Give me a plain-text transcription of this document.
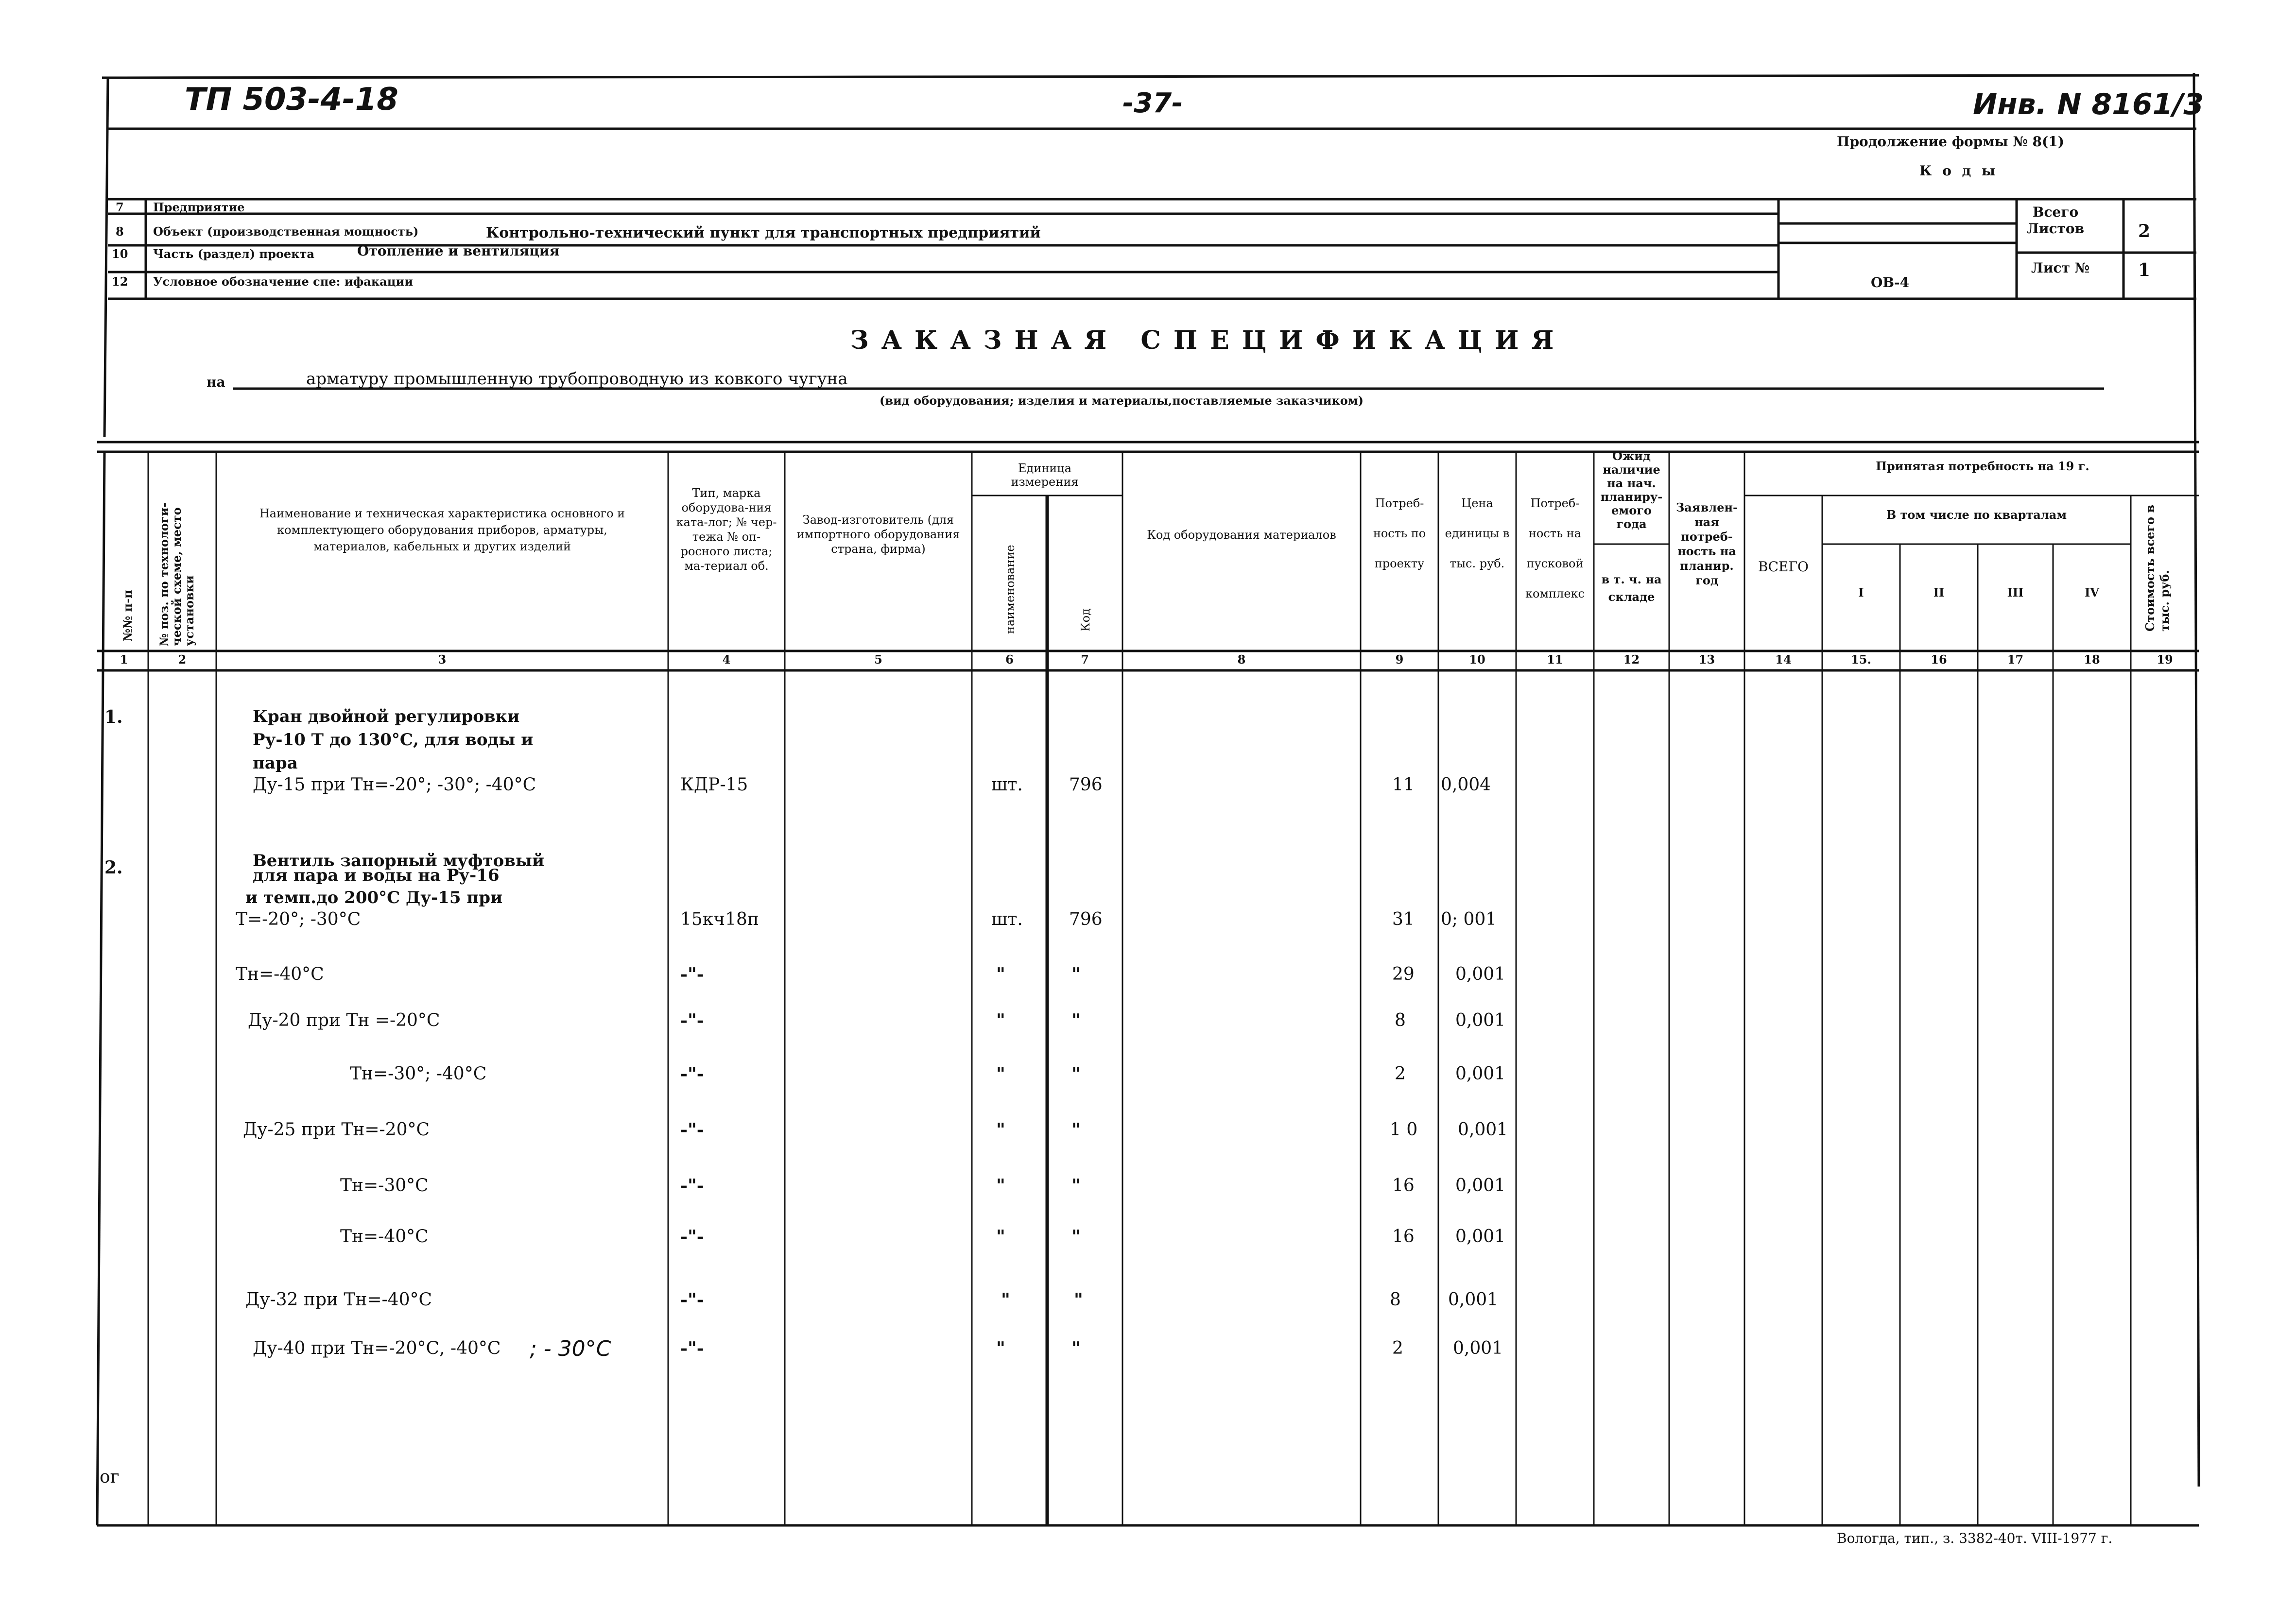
ТП 503-4-18	-37-	Инв. N 8161/3
Продолжение формы № 8(1)
К о д ы
7	Предприятие
8	Объект (производственная мощность)	Контрольно-технический пункт для транспортных предприятий
10 Часть (раздел) проекта	Отопление и вентиляция
12 Условное обозначение спе: ифакации	ОВ-4
Всего Листов	2
Лист №	1
З А К А З Н А Я   С П Е Ц И Ф И К А Ц И Я
на	арматуру промышленную трубопроводную из ковкого чугуна
(вид оборудования; изделия и материалы,поставляемые заказчиком)
№№ п-п № поз. по технологи-ческой схеме, место установки
Наименование и техническая характеристика основного и комплектующего оборудования приборов, арматуры, материалов, кабельных и других изделий
Тип, марка оборудова-ния ката-лог; № чер-тежа № оп-росного листа; ма-териал об.
Завод-изготовитель (для импортного оборудования страна, фирма)
Единица измерения
наименование	Код
Код оборудования материалов
Потреб-ность по проекту
Цена единицы в тыс. руб.
Потреб-ность на пусковой комплекс
Ожид наличие на нач. планиру-емого года
в т. ч. на складе
Заявлен-ная потреб-ность на планир. год
Принятая потребность на 19 г.
ВСЕГО
В том числе по кварталам
I	II	III	IV	Стоимость всего в тыс. руб.
1	2	3	4	5	6	7	8	9	10	11	12	13	14	15.	16	17	18	19
1.	Кран двойной регулировки
Ру-10 Т до 130°С, для воды и
пара
Ду-15 при Тн=-20°; -30°; -40°С	КДР-15	шт.	796	11 0,004
2.	Вентиль запорный муфтовый
для пара и воды на Ру-16
и темп.до 200°С Ду-15 при
Т=-20°; -30°С	15кч18п	шт.	796	31 0; 001
Тн=-40°С	-"-	"	"	29 0,001
Ду-20 при Тн =-20°С	-"-	"	"	8	0,001
Тн=-30°; -40°С	-"-	"	"	2	0,001
Ду-25 при Тн=-20°С	-"-	"	"	1 0 0,001
Тн=-30°С	-"-	"	"	16 0,001
Тн=-40°С	-"-	"	"	16 0,001
Ду-32 при Тн=-40°С	-"-	"	"	8	0,001
Ду-40 при Тн=-20°С, -40°С ; - 30°С	-"-	"	"	2	0,001
ог
Вологда, тип., з. 3382-40т. VIII-1977 г.
